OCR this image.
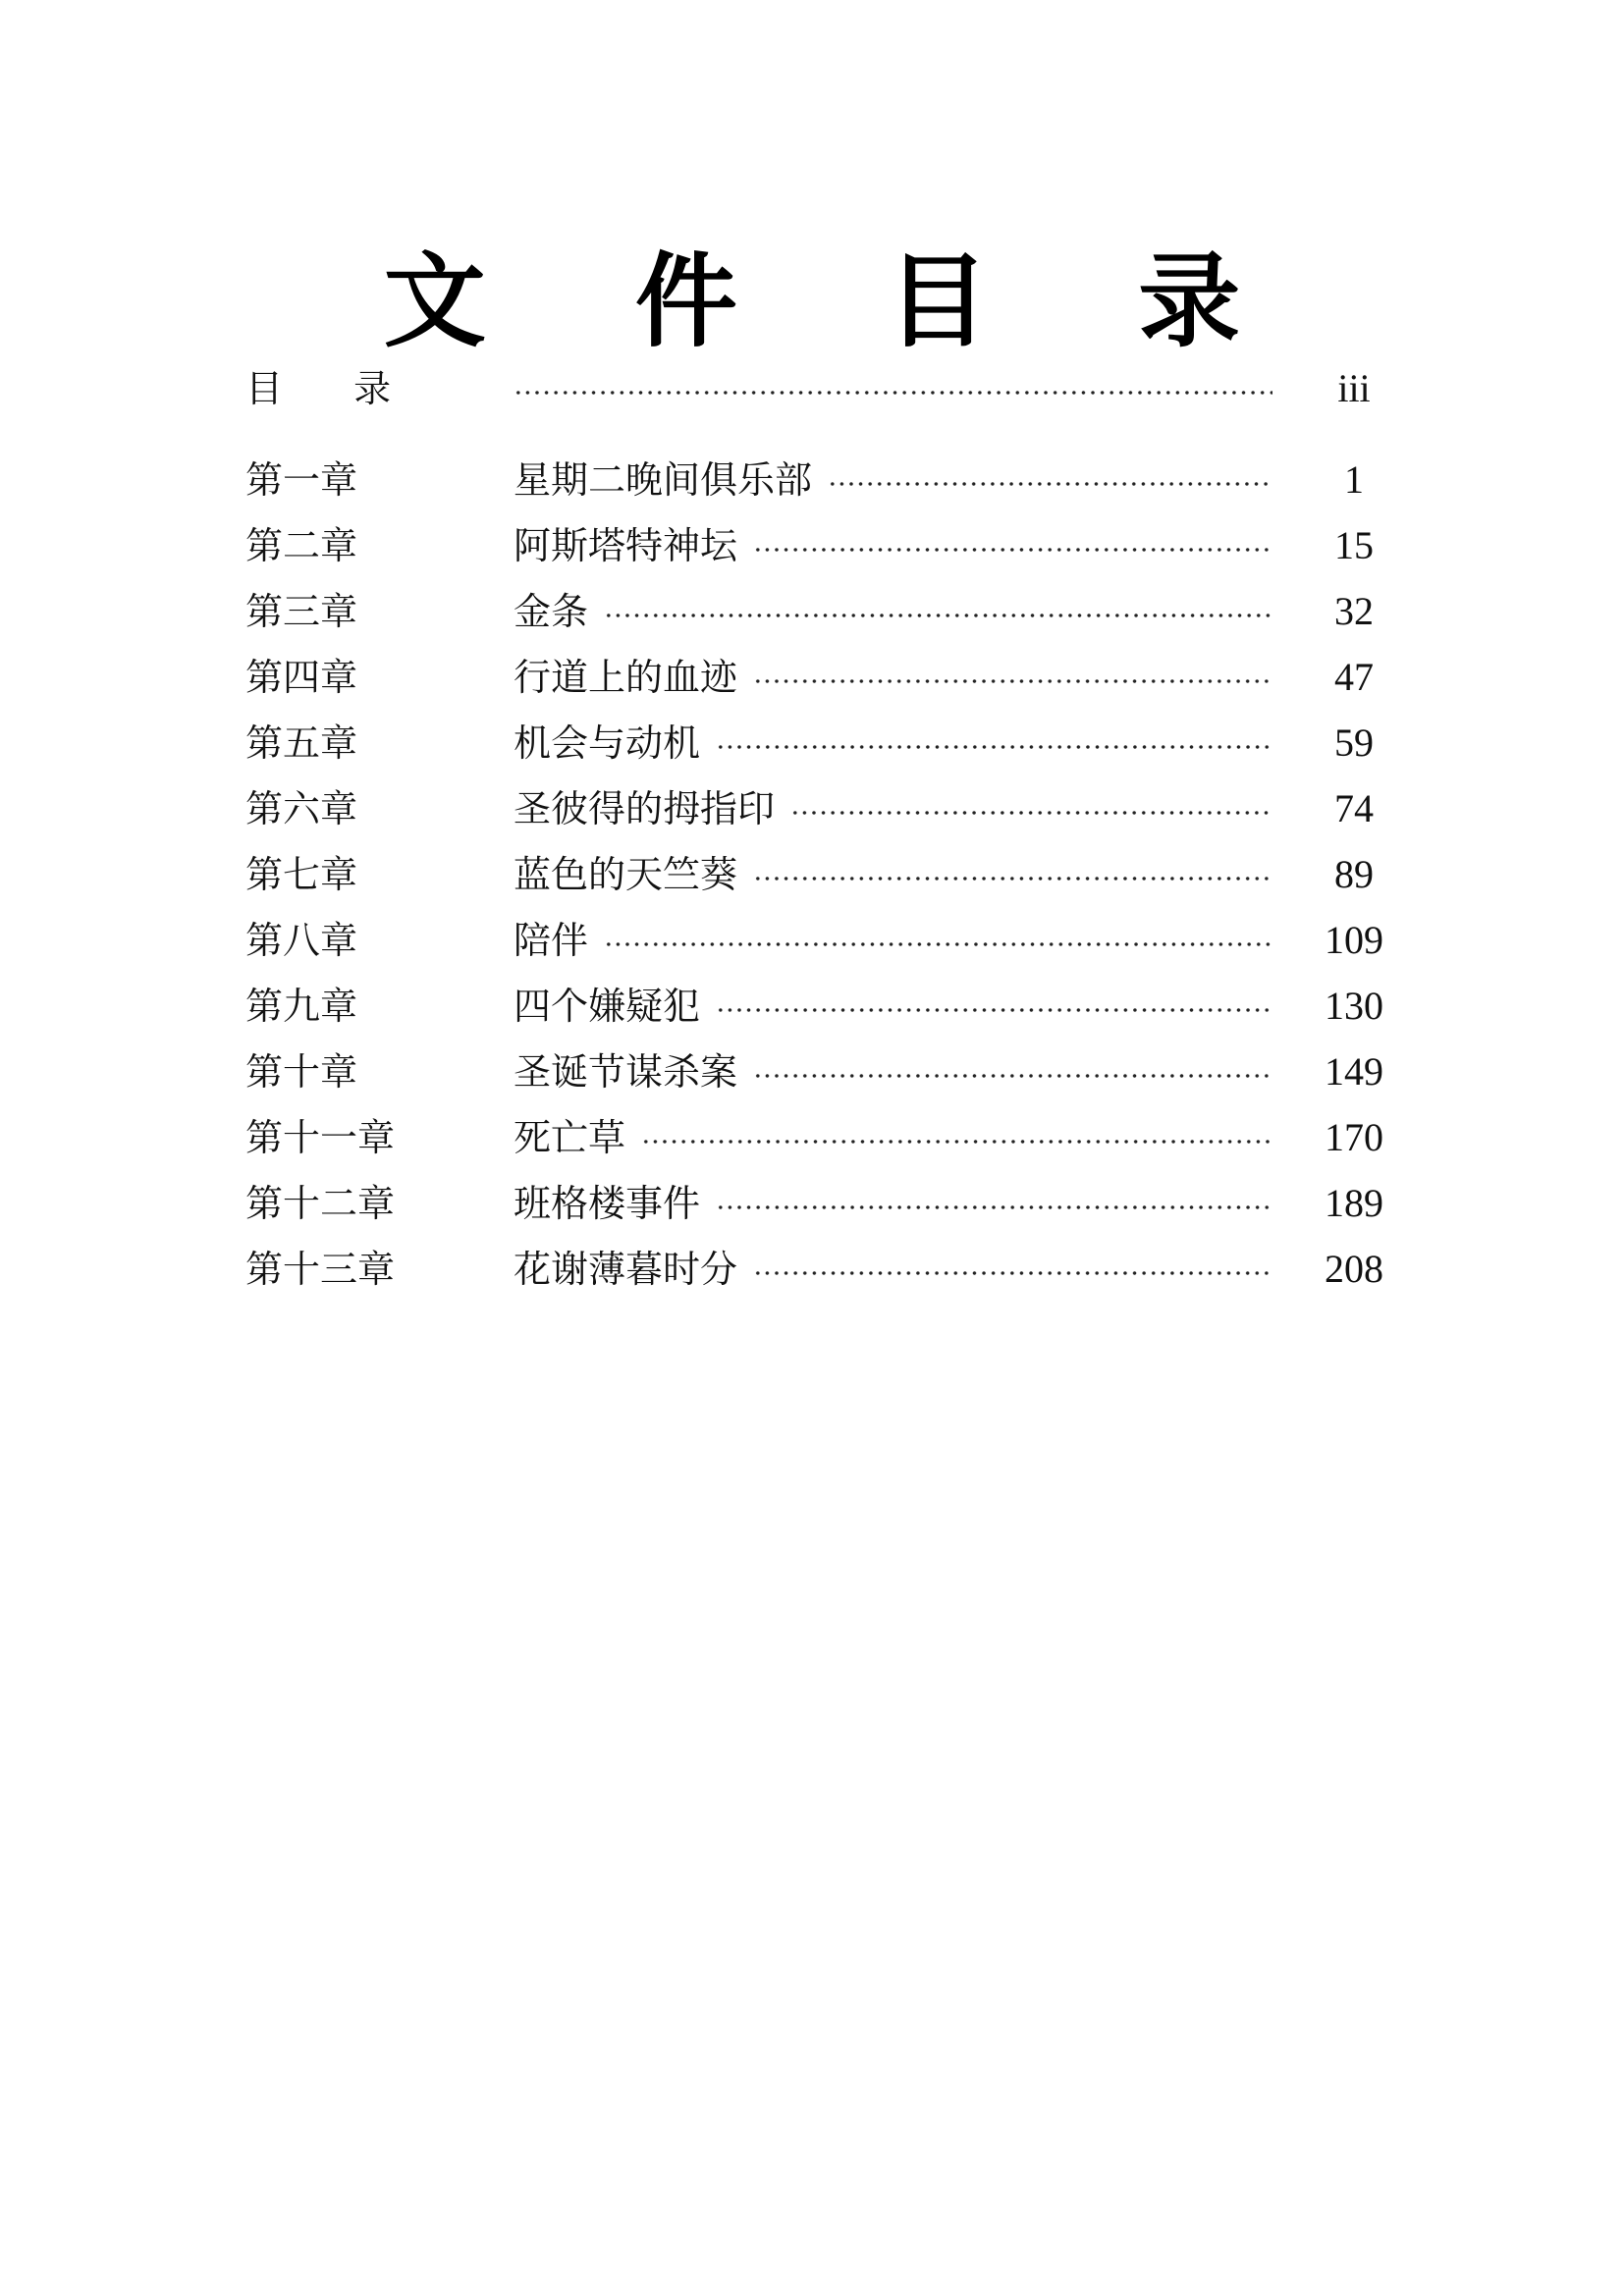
文 件 目 录
目 录	iii
第一章	星期二晚间俱乐部	1
第二章	阿斯塔特神坛	15
第三章	金条	32
第四章	行道上的血迹	47
第五章	机会与动机	59
第六章	圣彼得的拇指印	74
第七章	蓝色的天竺葵	89
第八章	陪伴	109
第九章	四个嫌疑犯	130
第十章	圣诞节谋杀案	149
第十一章	死亡草	170
第十二章	班格楼事件	189
第十三章	花谢薄暮时分	208
